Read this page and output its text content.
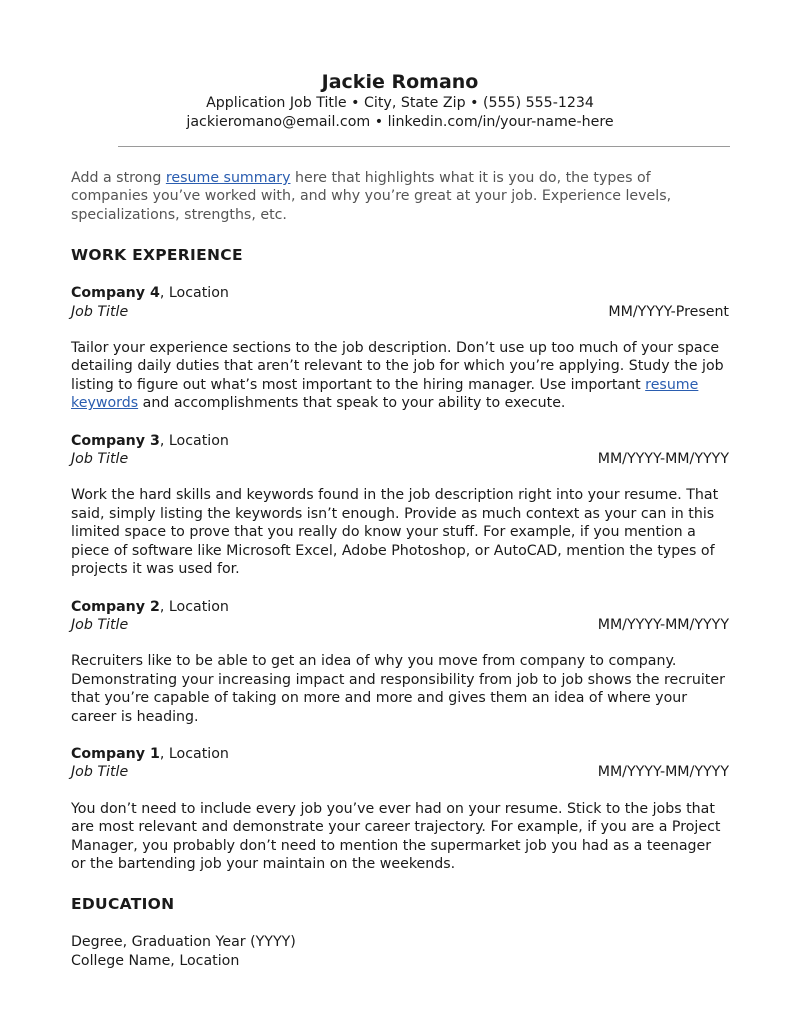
Jackie Romano

Application Job Title • City, State Zip • (555) 555-1234

jackieromano@email.com • linkedin.com/in/your-name-here

Add a strong resume summary here that highlights what it is you do, the types of companies you’ve worked with, and why you’re great at your job. Experience levels, specializations, strengths, etc.

WORK EXPERIENCE
Company 4, Location
Job Title	MM/YYYY-Present

Tailor your experience sections to the job description. Don’t use up too much of your space detailing daily duties that aren’t relevant to the job for which you’re applying. Study the job listing to figure out what’s most important to the hiring manager. Use important resume keywords and accomplishments that speak to your ability to execute.

Company 3, Location
Job Title	MM/YYYY-MM/YYYY

Work the hard skills and keywords found in the job description right into your resume. That said, simply listing the keywords isn’t enough. Provide as much context as your can in this limited space to prove that you really do know your stuff. For example, if you mention a piece of software like Microsoft Excel, Adobe Photoshop, or AutoCAD, mention the types of projects it was used for.

Company 2, Location
Job Title	MM/YYYY-MM/YYYY

Recruiters like to be able to get an idea of why you move from company to company. Demonstrating your increasing impact and responsibility from job to job shows the recruiter that you’re capable of taking on more and more and gives them an idea of where your career is heading.

Company 1, Location
Job Title	MM/YYYY-MM/YYYY

You don’t need to include every job you’ve ever had on your resume. Stick to the jobs that are most relevant and demonstrate your career trajectory. For example, if you are a Project Manager, you probably don’t need to mention the supermarket job you had as a teenager or the bartending job your maintain on the weekends.

EDUCATION
Degree, Graduation Year (YYYY)
College Name, Location
